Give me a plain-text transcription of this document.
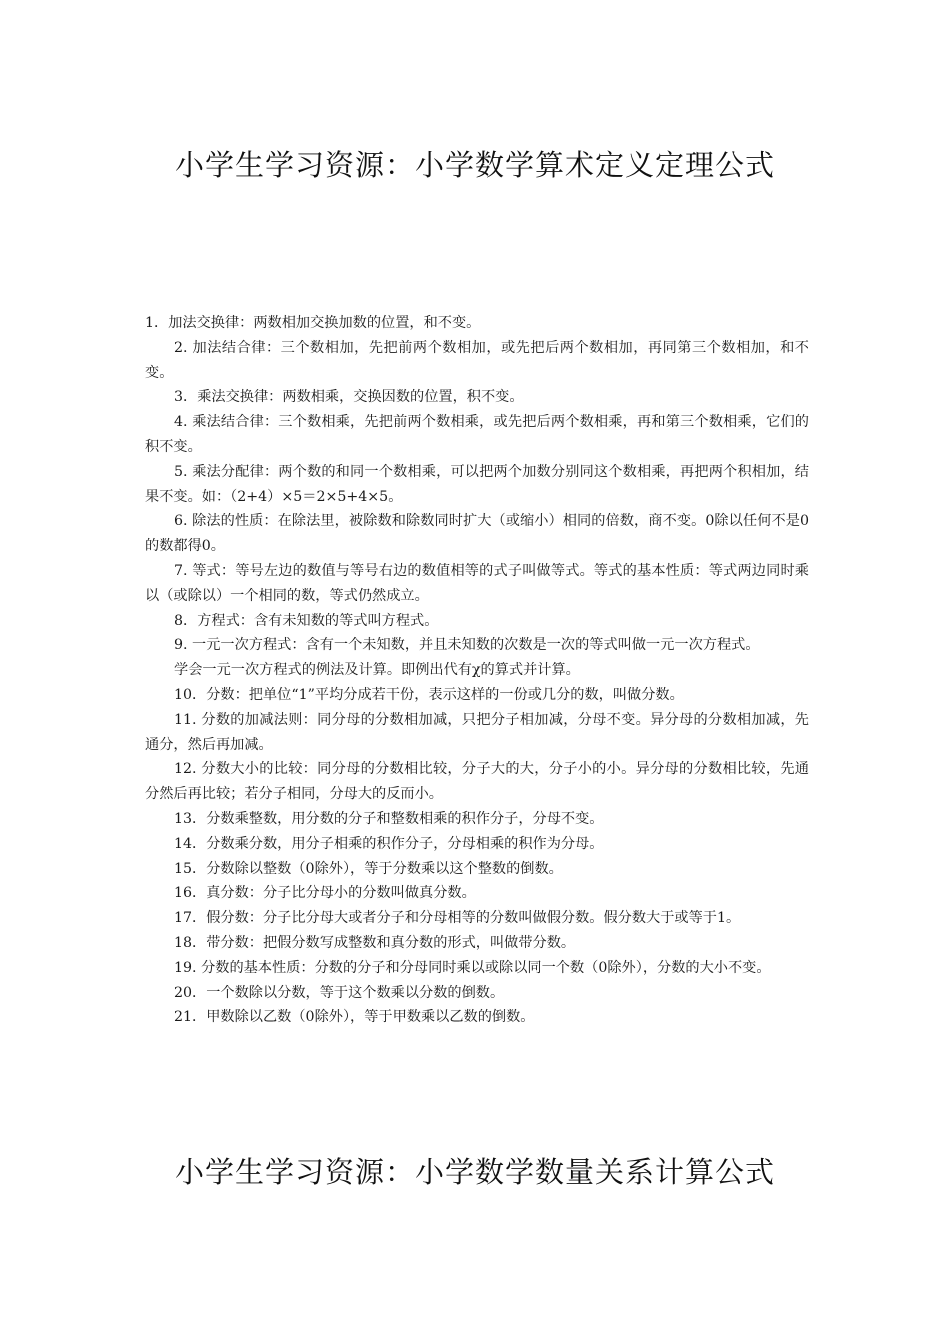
小学生学习资源：小学数学算术定义定理公式

1．加法交换律：两数相加交换加数的位置，和不变。

2. 加法结合律：三个数相加，先把前两个数相加，或先把后两个数相加，再同第三个数相加，和不变。

3．乘法交换律：两数相乘，交换因数的位置，积不变。

4. 乘法结合律：三个数相乘，先把前两个数相乘，或先把后两个数相乘，再和第三个数相乘，它们的积不变。

5. 乘法分配律：两个数的和同一个数相乘，可以把两个加数分别同这个数相乘，再把两个积相加，结果不变。如：（2+4）×5＝2×5+4×5。

6. 除法的性质：在除法里，被除数和除数同时扩大（或缩小）相同的倍数，商不变。0除以任何不是0的数都得0。

7. 等式：等号左边的数值与等号右边的数值相等的式子叫做等式。等式的基本性质：等式两边同时乘以（或除以）一个相同的数，等式仍然成立。

8．方程式：含有未知数的等式叫方程式。

9. 一元一次方程式：含有一个未知数，并且未知数的次数是一次的等式叫做一元一次方程式。

学会一元一次方程式的例法及计算。即例出代有χ的算式并计算。

10．分数：把单位“1”平均分成若干份，表示这样的一份或几分的数，叫做分数。

11. 分数的加减法则：同分母的分数相加减，只把分子相加减，分母不变。异分母的分数相加减，先通分，然后再加减。

12. 分数大小的比较：同分母的分数相比较，分子大的大，分子小的小。异分母的分数相比较，先通分然后再比较；若分子相同，分母大的反而小。

13．分数乘整数，用分数的分子和整数相乘的积作分子，分母不变。

14．分数乘分数，用分子相乘的积作分子，分母相乘的积作为分母。

15．分数除以整数（0除外），等于分数乘以这个整数的倒数。

16．真分数：分子比分母小的分数叫做真分数。

17．假分数：分子比分母大或者分子和分母相等的分数叫做假分数。假分数大于或等于1。

18．带分数：把假分数写成整数和真分数的形式，叫做带分数。

19. 分数的基本性质：分数的分子和分母同时乘以或除以同一个数（0除外），分数的大小不变。

20．一个数除以分数，等于这个数乘以分数的倒数。

21．甲数除以乙数（0除外），等于甲数乘以乙数的倒数。

小学生学习资源：小学数学数量关系计算公式
